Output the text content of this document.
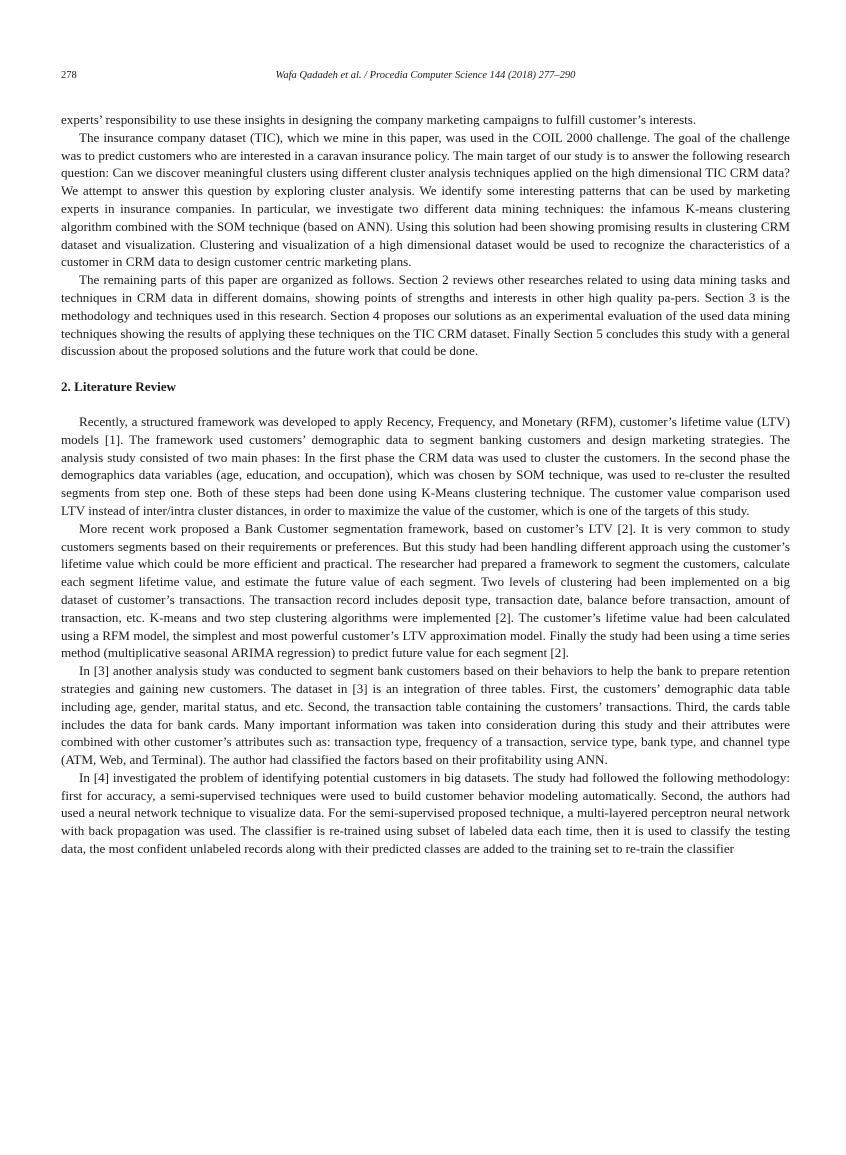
278	Wafa Qadadeh et al. / Procedia Computer Science 144 (2018) 277–290

experts’ responsibility to use these insights in designing the company marketing campaigns to fulfill customer’s interests.

The insurance company dataset (TIC), which we mine in this paper, was used in the COIL 2000 challenge. The goal of the challenge was to predict customers who are interested in a caravan insurance policy. The main target of our study is to answer the following research question: Can we discover meaningful clusters using different cluster analysis techniques applied on the high dimensional TIC CRM data? We attempt to answer this question by exploring cluster analysis. We identify some interesting patterns that can be used by marketing experts in insurance companies. In particular, we investigate two different data mining techniques: the infamous K-means clustering algorithm combined with the SOM technique (based on ANN). Using this solution had been showing promising results in clustering CRM dataset and visualization. Clustering and visualization of a high dimensional dataset would be used to recognize the characteristics of a customer in CRM data to design customer centric marketing plans.

The remaining parts of this paper are organized as follows. Section 2 reviews other researches related to using data mining tasks and techniques in CRM data in different domains, showing points of strengths and interests in other high quality pa-pers. Section 3 is the methodology and techniques used in this research. Section 4 proposes our solutions as an experimental evaluation of the used data mining techniques showing the results of applying these techniques on the TIC CRM dataset. Finally Section 5 concludes this study with a general discussion about the proposed solutions and the future work that could be done.

2. Literature Review

Recently, a structured framework was developed to apply Recency, Frequency, and Monetary (RFM), customer’s lifetime value (LTV) models [1]. The framework used customers’ demographic data to segment banking customers and design marketing strategies. The analysis study consisted of two main phases: In the first phase the CRM data was used to cluster the customers. In the second phase the demographics data variables (age, education, and occupation), which was chosen by SOM technique, was used to re-cluster the resulted segments from step one. Both of these steps had been done using K-Means clustering technique. The customer value comparison used LTV instead of inter/intra cluster distances, in order to maximize the value of the customer, which is one of the targets of this study.

More recent work proposed a Bank Customer segmentation framework, based on customer’s LTV [2]. It is very common to study customers segments based on their requirements or preferences. But this study had been handling different approach using the customer’s lifetime value which could be more efficient and practical. The researcher had prepared a framework to segment the customers, calculate each segment lifetime value, and estimate the future value of each segment. Two levels of clustering had been implemented on a big dataset of customer’s transactions. The transaction record includes deposit type, transaction date, balance before transaction, amount of transaction, etc. K-means and two step clustering algorithms were implemented [2]. The customer’s lifetime value had been calculated using a RFM model, the simplest and most powerful customer’s LTV approximation model. Finally the study had been using a time series method (multiplicative seasonal ARIMA regression) to predict future value for each segment [2].

In [3] another analysis study was conducted to segment bank customers based on their behaviors to help the bank to prepare retention strategies and gaining new customers. The dataset in [3] is an integration of three tables. First, the customers’ demographic data table including age, gender, marital status, and etc. Second, the transaction table containing the customers’ transactions. Third, the cards table includes the data for bank cards. Many important information was taken into consideration during this study and their attributes were combined with other customer’s attributes such as: transaction type, frequency of a transaction, service type, bank type, and channel type (ATM, Web, and Terminal). The author had classified the factors based on their profitability using ANN.

In [4] investigated the problem of identifying potential customers in big datasets. The study had followed the following methodology: first for accuracy, a semi-supervised techniques were used to build customer behavior modeling automatically. Second, the authors had used a neural network technique to visualize data. For the semi-supervised proposed technique, a multi-layered perceptron neural network with back propagation was used. The classifier is re-trained using subset of labeled data each time, then it is used to classify the testing data, the most confident unlabeled records along with their predicted classes are added to the training set to re-train the classifier
